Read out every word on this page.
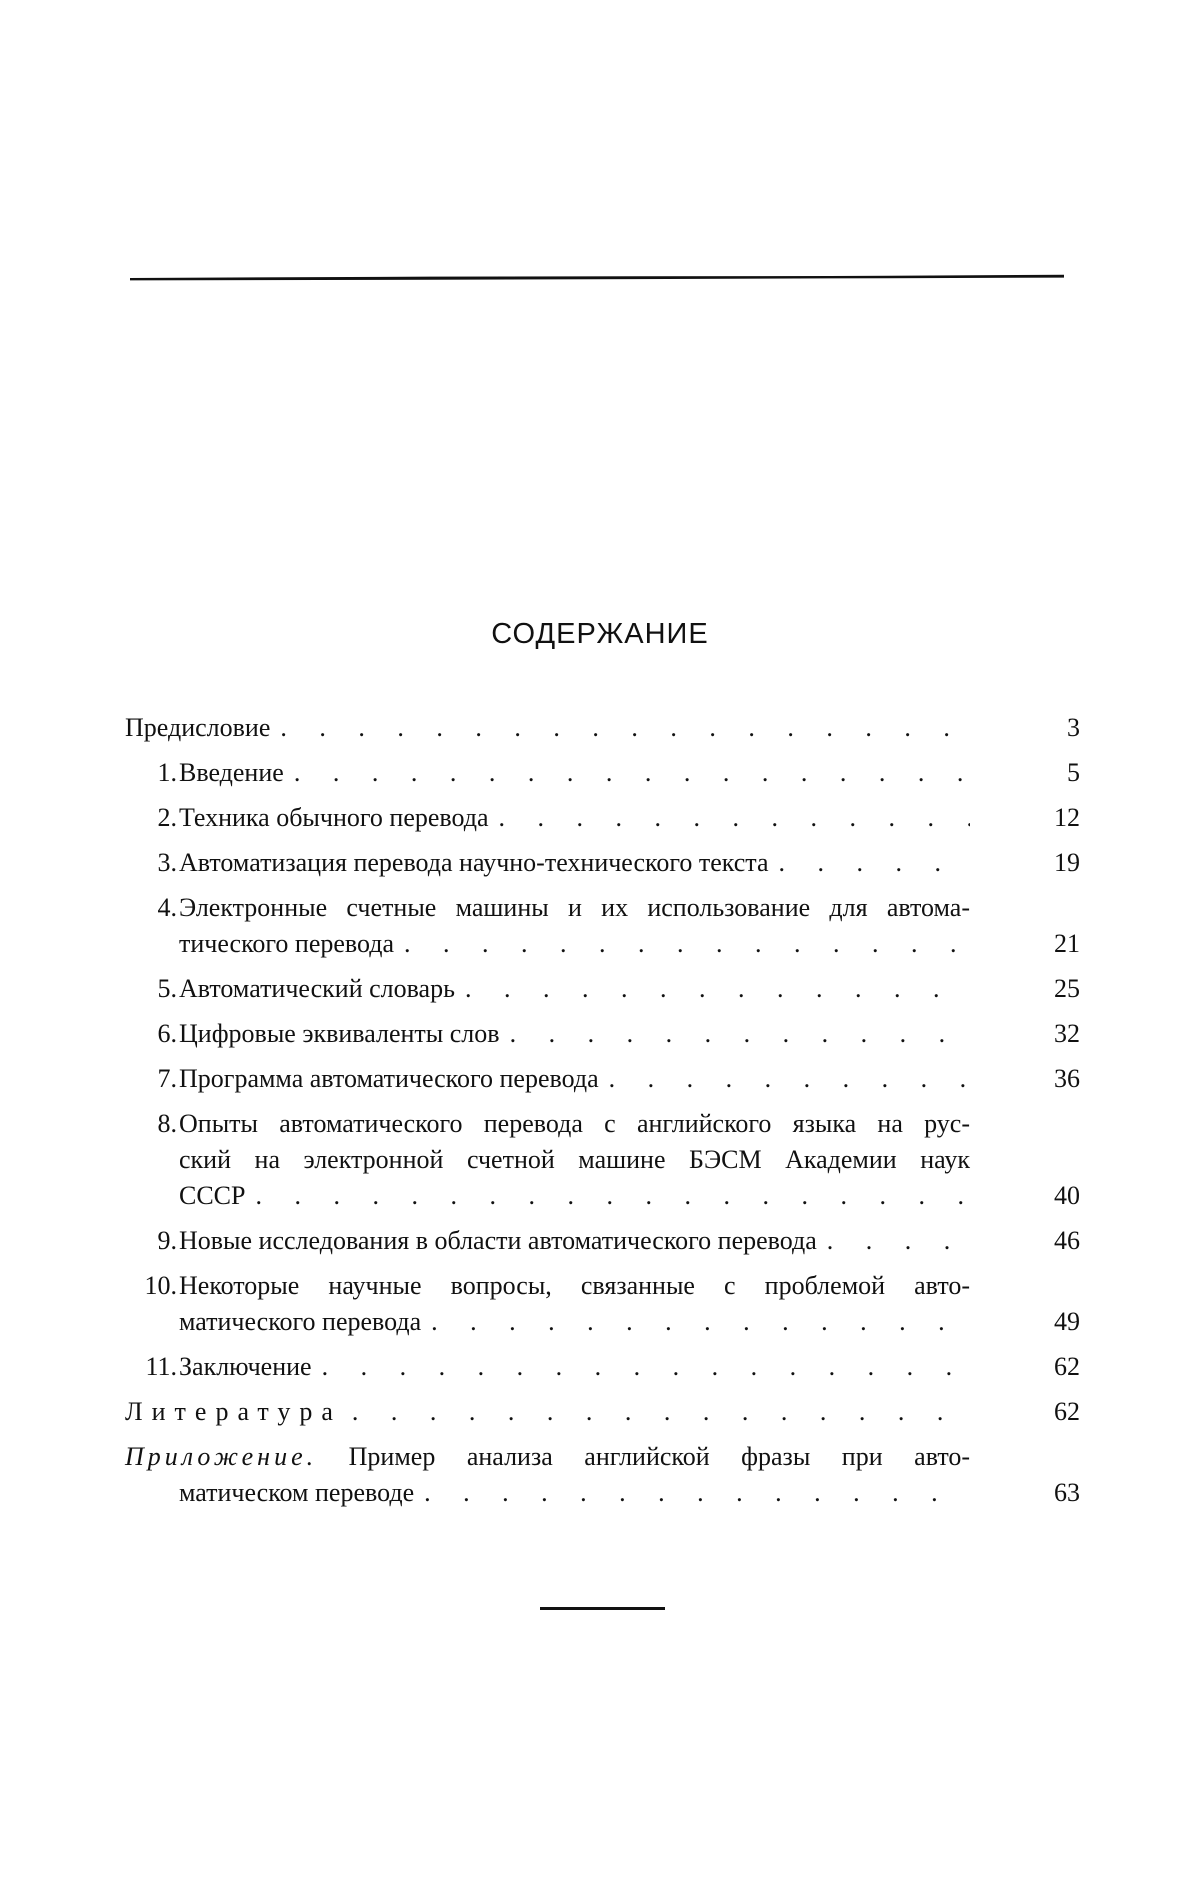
СОДЕРЖАНИЕ
Предисловие
. . .	3
1. Введение
. . .	5
2. Техника обычного перевода
. . .	12
3. Автоматизация перевода научно-технического текста
. . .	19
4. Электронные счетные машины и их использование для автома-
тического перевода
. . .	21
5. Автоматический словарь
. . .	25
6. Цифровые эквиваленты слов
. . .	32
7. Программа автоматического перевода
. . .	36
8. Опыты автоматического перевода с английского языка на рус-
ский на электронной счетной машине БЭСМ Академии наук
СССР
. . .	40
9. Новые исследования в области автоматического перевода
. . .	46
10. Некоторые научные вопросы, связанные с проблемой авто-
матического перевода
. . .	49
11. Заключение
. . .	62
Литература
. . .	62
Приложение. Пример анализа английской фразы при авто-
матическом переводе
. . .	63
